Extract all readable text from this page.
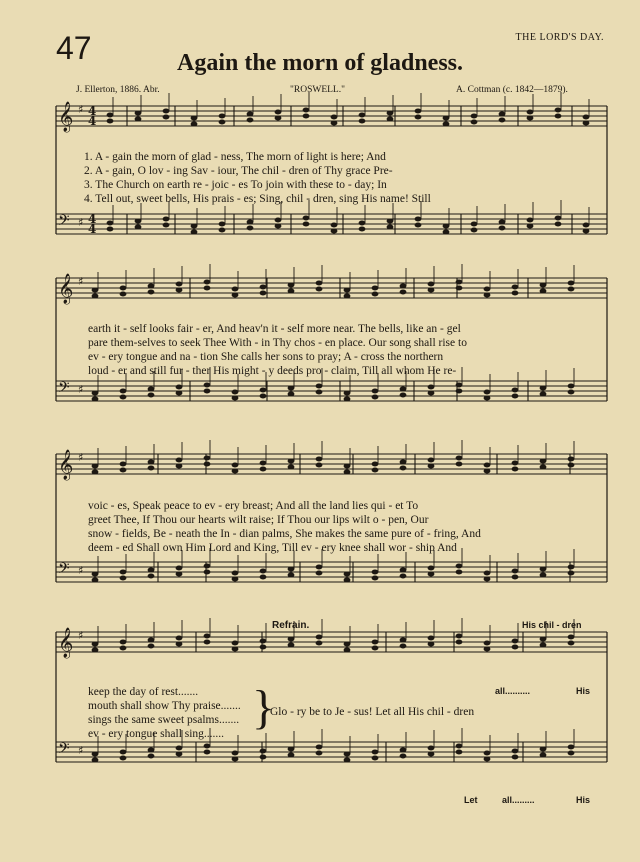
47	THE LORD'S DAY.
Again the morn of gladness.
J. Ellerton, 1886. Abr.	"ROSWELL."	A. Cottman (c. 1842—1879).
𝄞 ♯ 4
4
𝄢 ♯ 4
4
𝄞 ♯
𝄢 ♯
𝄞 ♯
𝄢 ♯
𝄞 ♯
𝄢 ♯
1. A - gain the morn of glad - ness, The morn of light is here; And
2. A - gain, O lov - ing Sav - iour, The chil - dren of Thy grace Pre-
3. The Church on earth re - joic - es To join with these to - day; In
4. Tell out, sweet bells, His prais - es; Sing, chil - dren, sing His name! Still
earth it - self looks fair - er, And heav'n it - self more near. The bells, like an - gel
pare them-selves to seek Thee With - in Thy chos - en place. Our song shall rise to
ev - ery tongue and na - tion She calls her sons to pray; A - cross the northern
loud - er and still fur - ther His might - y deeds pro - claim, Till all whom He re-
voic - es, Speak peace to ev - ery breast; And all the land lies qui - et To
greet Thee, If Thou our hearts wilt raise; If Thou our lips wilt o - pen, Our
snow - fields, Be - neath the In - dian palms, She makes the same pure of - fring, And
deem - ed Shall own Him Lord and King, Till ev - ery knee shall wor - ship And
Refrain.	His chil - dren
keep the day of rest.......
mouth shall show Thy praise.......
sings the same sweet psalms.......
ev - ery tongue shall sing....... }
Glo - ry be to Je - sus! Let all His chil - dren
all..........	His
Let	all.........	His
